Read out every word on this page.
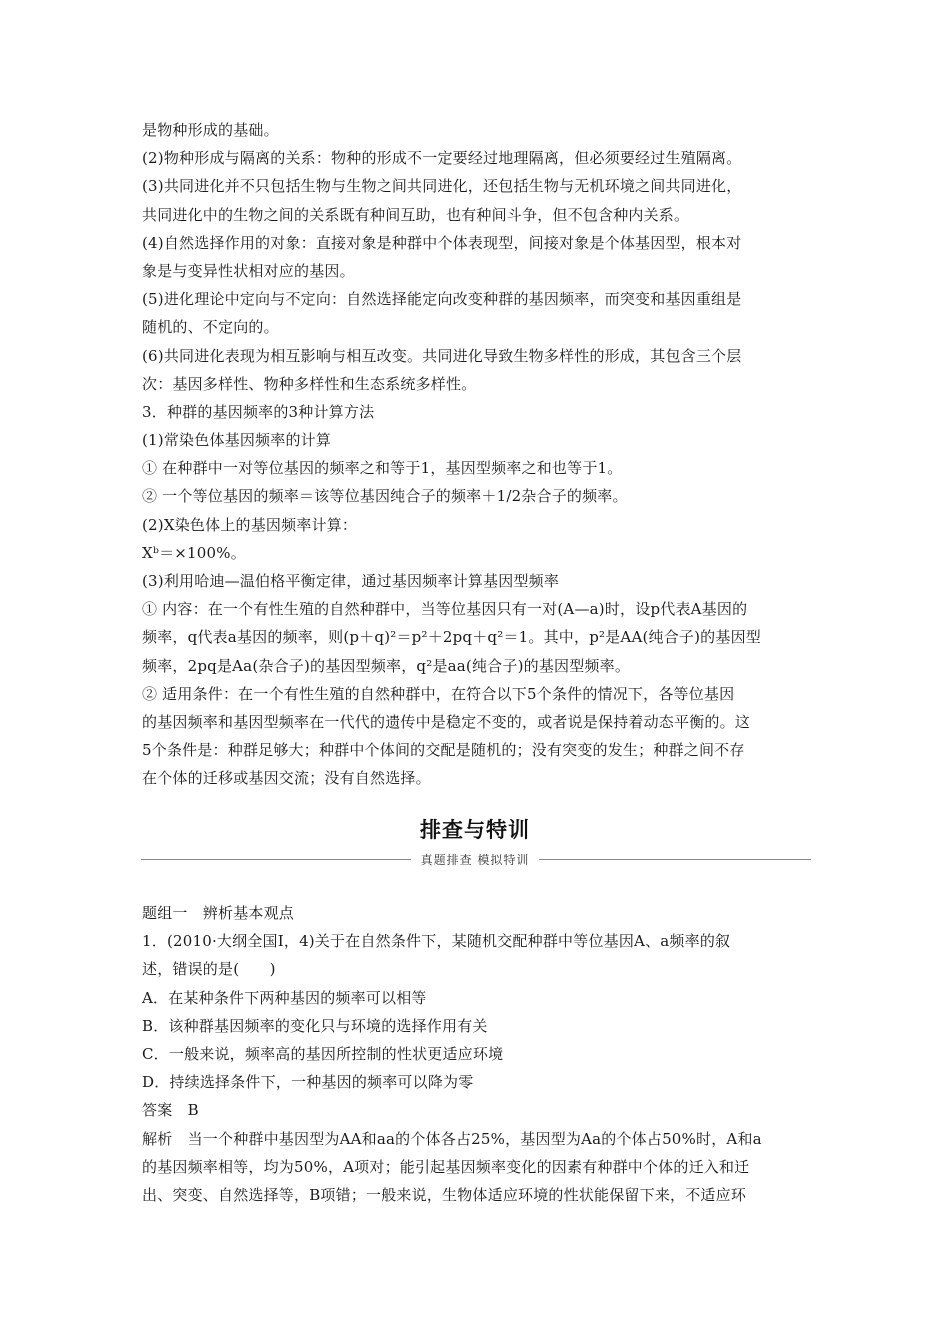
是物种形成的基础。
(2)物种形成与隔离的关系：物种的形成不一定要经过地理隔离，但必须要经过生殖隔离。
(3)共同进化并不只包括生物与生物之间共同进化，还包括生物与无机环境之间共同进化，
共同进化中的生物之间的关系既有种间互助，也有种间斗争，但不包含种内关系。
(4)自然选择作用的对象：直接对象是种群中个体表现型，间接对象是个体基因型，根本对
象是与变异性状相对应的基因。
(5)进化理论中定向与不定向：自然选择能定向改变种群的基因频率，而突变和基因重组是
随机的、不定向的。
(6)共同进化表现为相互影响与相互改变。共同进化导致生物多样性的形成，其包含三个层
次：基因多样性、物种多样性和生态系统多样性。
3．种群的基因频率的3种计算方法
(1)常染色体基因频率的计算
① 在种群中一对等位基因的频率之和等于1，基因型频率之和也等于1。
② 一个等位基因的频率＝该等位基因纯合子的频率＋1/2杂合子的频率。
(2)X染色体上的基因频率计算：
Xᵇ＝×100%。
(3)利用哈迪—温伯格平衡定律，通过基因频率计算基因型频率
① 内容：在一个有性生殖的自然种群中，当等位基因只有一对(A—a)时，设p代表A基因的
频率，q代表a基因的频率，则(p＋q)²＝p²＋2pq＋q²＝1。其中，p²是AA(纯合子)的基因型
频率，2pq是Aa(杂合子)的基因型频率，q²是aa(纯合子)的基因型频率。
② 适用条件：在一个有性生殖的自然种群中，在符合以下5个条件的情况下，各等位基因
的基因频率和基因型频率在一代代的遗传中是稳定不变的，或者说是保持着动态平衡的。这
5个条件是：种群足够大；种群中个体间的交配是随机的；没有突变的发生；种群之间不存
在个体的迁移或基因交流；没有自然选择。
排查与特训
真题排查 模拟特训
题组一　辨析基本观点
1．(2010·大纲全国Ⅰ，4)关于在自然条件下，某随机交配种群中等位基因A、a频率的叙
述，错误的是(　　)
A．在某种条件下两种基因的频率可以相等
B．该种群基因频率的变化只与环境的选择作用有关
C．一般来说，频率高的基因所控制的性状更适应环境
D．持续选择条件下，一种基因的频率可以降为零
答案　B
解析　当一个种群中基因型为AA和aa的个体各占25%，基因型为Aa的个体占50%时，A和a
的基因频率相等，均为50%，A项对；能引起基因频率变化的因素有种群中个体的迁入和迁
出、突变、自然选择等，B项错；一般来说，生物体适应环境的性状能保留下来，不适应环
